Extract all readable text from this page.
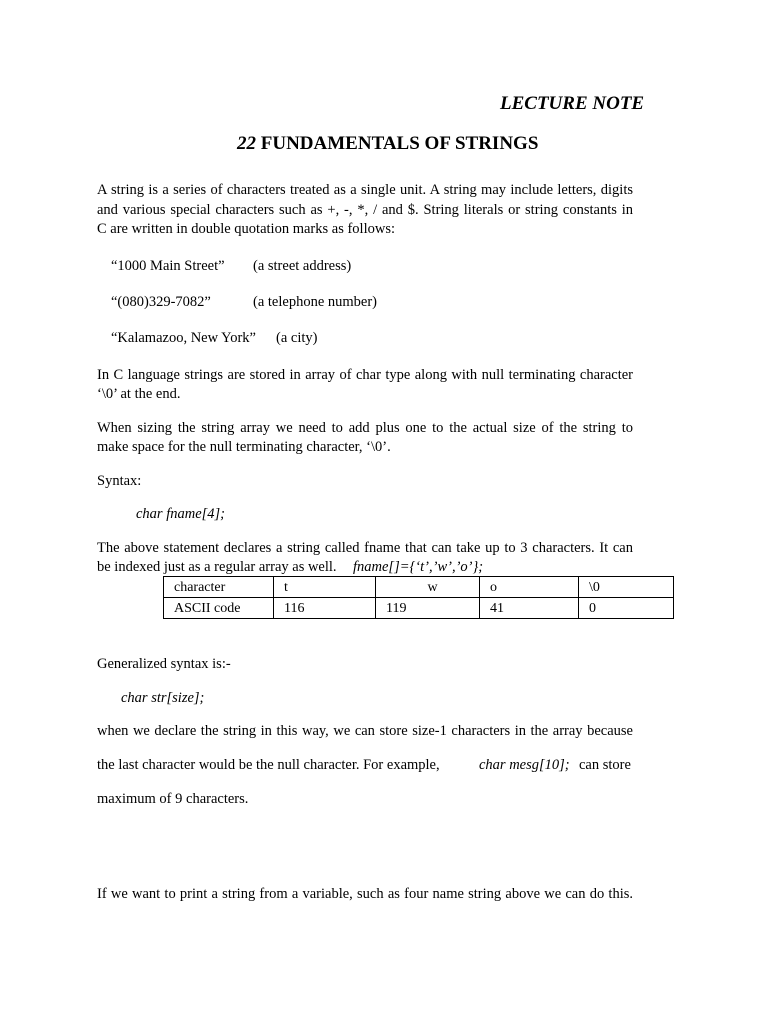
LECTURE NOTE
22 FUNDAMENTALS OF STRINGS
A string is a series of characters treated as a single unit. A string may include letters, digits
and various special characters such as +, -, *, / and $. String literals or string constants in
C are written in double quotation marks as follows:
“1000 Main Street” (a street address)
“(080)329-7082”	(a telephone number)
“Kalamazoo, New York” (a city)
In C language strings are stored in array of char type along with null terminating character
‘\0’ at the end.
When sizing the string array we need to add plus one to the actual size of the string to
make space for the null terminating character, ‘\0’.
Syntax:
char fname[4];
The above statement declares a string called fname that can take up to 3 characters. It can
be indexed just as a regular array as well. fname[]={‘t’,’w’,’o’};
character	t	w	o	\0
ASCII code	116	119	41	0
Generalized syntax is:-
char str[size];
when we declare the string in this way, we can store size-1 characters in the array because
the last character would be the null character. For example,	char mesg[10]; can store
maximum of 9 characters.
If we want to print a string from a variable, such as four name string above we can do this.
